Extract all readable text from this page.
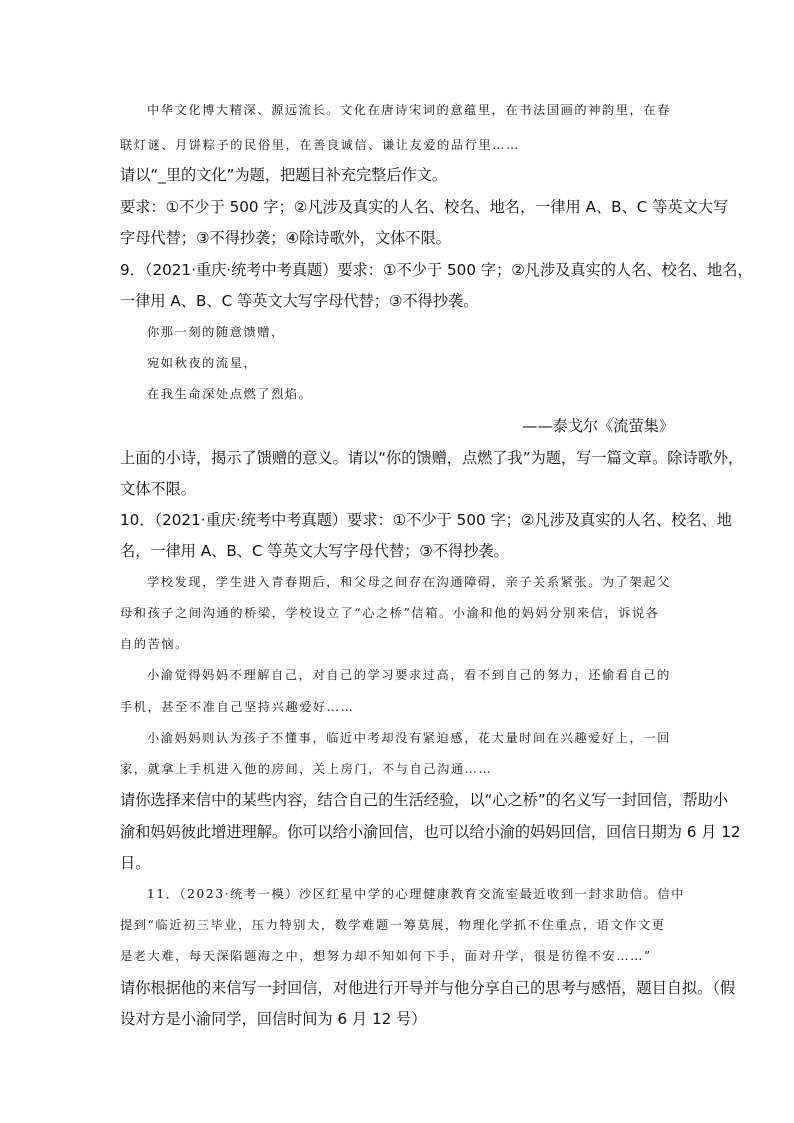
中华文化博大精深、源远流长。文化在唐诗宋词的意蕴里，在书法国画的神韵里，在春
联灯谜、月饼粽子的民俗里，在善良诚信、谦让友爱的品行里……
请以“_里的文化”为题，把题目补充完整后作文。
要求：①不少于 500 字；②凡涉及真实的人名、校名、地名，一律用 A、B、C 等英文大写
字母代替；③不得抄袭；④除诗歌外，文体不限。
9．（2021·重庆·统考中考真题）要求：①不少于 500 字；②凡涉及真实的人名、校名、地名，
一律用 A、B、C 等英文大写字母代替；③不得抄袭。
你那一刻的随意馈赠，
宛如秋夜的流星，
在我生命深处点燃了烈焰。
——泰戈尔《流萤集》
上面的小诗，揭示了馈赠的意义。请以“你的馈赠，点燃了我”为题，写一篇文章。除诗歌外，
文体不限。
10．（2021·重庆·统考中考真题）要求：①不少于 500 字；②凡涉及真实的人名、校名、地
名，一律用 A、B、C 等英文大写字母代替；③不得抄袭。
学校发现，学生进入青春期后，和父母之间存在沟通障碍，亲子关系紧张。为了架起父
母和孩子之间沟通的桥梁，学校设立了“心之桥”信箱。小渝和他的妈妈分别来信，诉说各
自的苦恼。
小渝觉得妈妈不理解自己，对自己的学习要求过高，看不到自己的努力，还偷看自己的
手机，甚至不准自己坚持兴趣爱好……
小渝妈妈则认为孩子不懂事，临近中考却没有紧迫感，花大量时间在兴趣爱好上，一回
家，就拿上手机进入他的房间，关上房门，不与自己沟通……
请你选择来信中的某些内容，结合自己的生活经验，以“心之桥”的名义写一封回信，帮助小
渝和妈妈彼此增进理解。你可以给小渝回信，也可以给小渝的妈妈回信，回信日期为 6 月 12
日。
11．（2023·统考一模）沙区红星中学的心理健康教育交流室最近收到一封求助信。信中
提到“临近初三毕业，压力特别大，数学难题一筹莫展，物理化学抓不住重点，语文作文更
是老大难，每天深陷题海之中，想努力却不知如何下手，面对升学，很是彷徨不安……”
请你根据他的来信写一封回信，对他进行开导并与他分享自己的思考与感悟，题目自拟。（假
设对方是小渝同学，回信时间为 6 月 12 号）
